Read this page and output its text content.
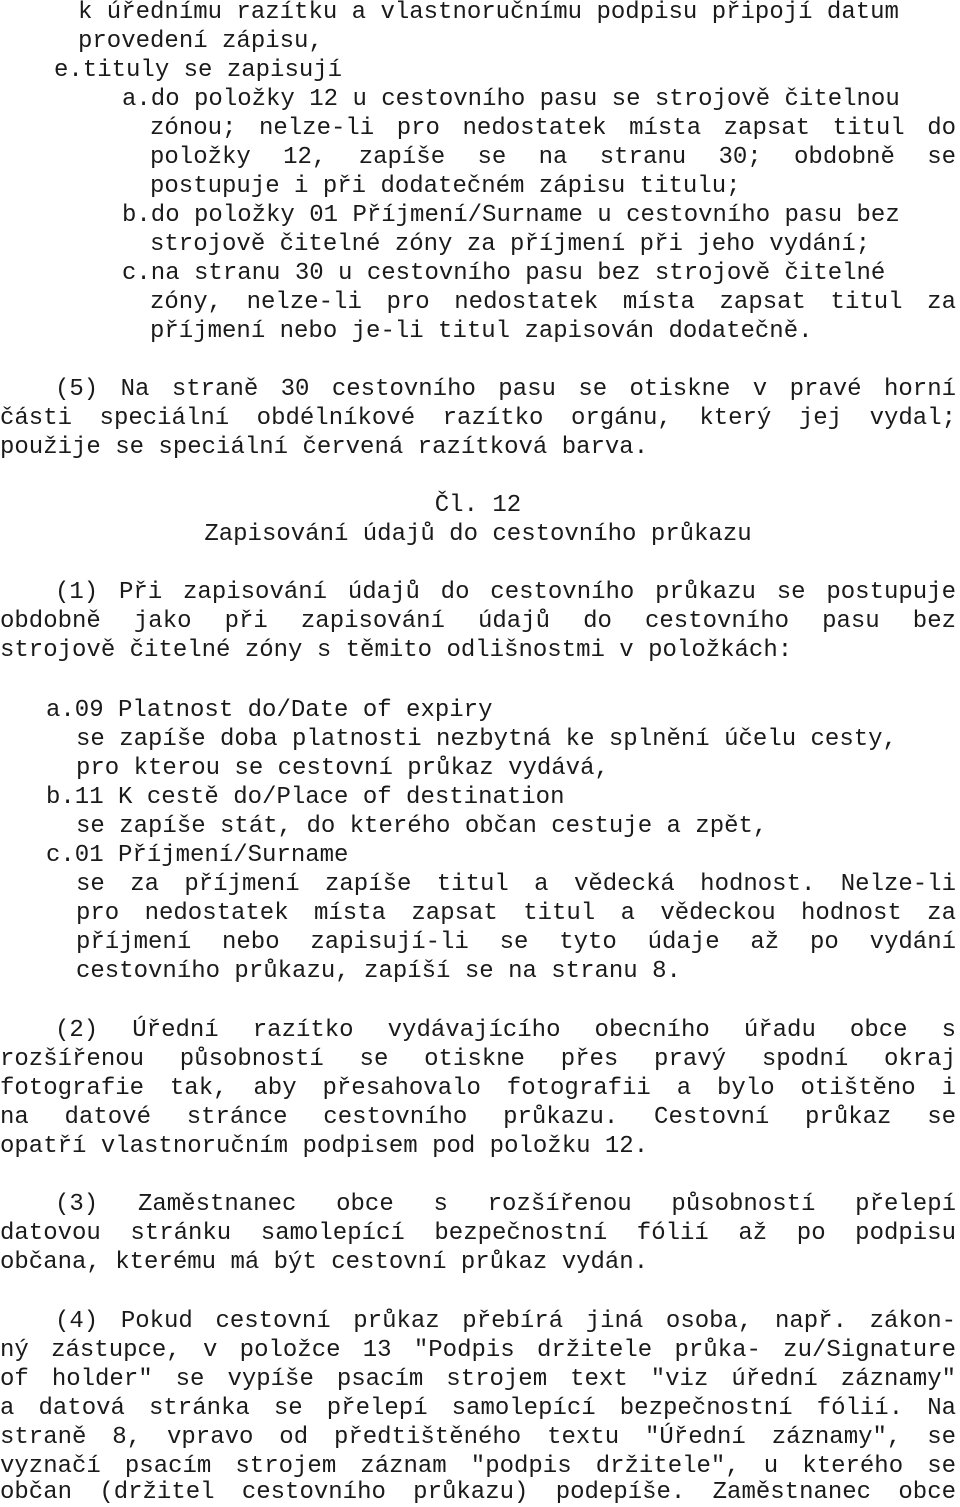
k úřednímu razítku a vlastnoručnímu podpisu připojí datum
provedení zápisu,
e.tituly se zapisují
a.do položky 12 u cestovního pasu se strojově čitelnou
zónou; nelze-li pro nedostatek místa zapsat titul do
položky 12, zapíše se na stranu 30; obdobně se
postupuje i při dodatečném zápisu titulu;
b.do položky 01 Příjmení/Surname u cestovního pasu bez
strojově čitelné zóny za příjmení při jeho vydání;
c.na stranu 30 u cestovního pasu bez strojově čitelné
zóny, nelze-li pro nedostatek místa zapsat titul za
příjmení nebo je-li titul zapisován dodatečně.
(5) Na straně 30 cestovního pasu se otiskne v pravé horní
části speciální obdélníkové razítko orgánu, který jej vydal;
použije se speciální červená razítková barva.
Čl. 12
Zapisování údajů do cestovního průkazu
(1) Při zapisování údajů do cestovního průkazu se postupuje
obdobně jako při zapisování údajů do cestovního pasu bez
strojově čitelné zóny s těmito odlišnostmi v položkách:
a.09 Platnost do/Date of expiry
se zapíše doba platnosti nezbytná ke splnění účelu cesty,
pro kterou se cestovní průkaz vydává,
b.11 K cestě do/Place of destination
se zapíše stát, do kterého občan cestuje a zpět,
c.01 Příjmení/Surname
se za příjmení zapíše titul a vědecká hodnost. Nelze-li
pro nedostatek místa zapsat titul a vědeckou hodnost za
příjmení nebo zapisují-li se tyto údaje až po vydání
cestovního průkazu, zapíší se na stranu 8.
(2) Úřední razítko vydávajícího obecního úřadu obce s
rozšířenou působností se otiskne přes pravý spodní okraj
fotografie tak, aby přesahovalo fotografii a bylo otištěno i
na datové stránce cestovního průkazu. Cestovní průkaz se
opatří vlastnoručním podpisem pod položku 12.
(3) Zaměstnanec obce s rozšířenou působností přelepí
datovou stránku samolepící bezpečnostní fólií až po podpisu
občana, kterému má být cestovní průkaz vydán.
(4) Pokud cestovní průkaz přebírá jiná osoba, např. zákon-
ný zástupce, v položce 13 "Podpis držitele průka- zu/Signature
of holder" se vypíše psacím strojem text "viz úřední záznamy"
a datová stránka se přelepí samolepící bezpečnostní fólií. Na
straně 8, vpravo od předtištěného textu "Úřední záznamy", se
vyznačí psacím strojem záznam "podpis držitele", u kterého se
občan (držitel cestovního průkazu) podepíše. Zaměstnanec obce
